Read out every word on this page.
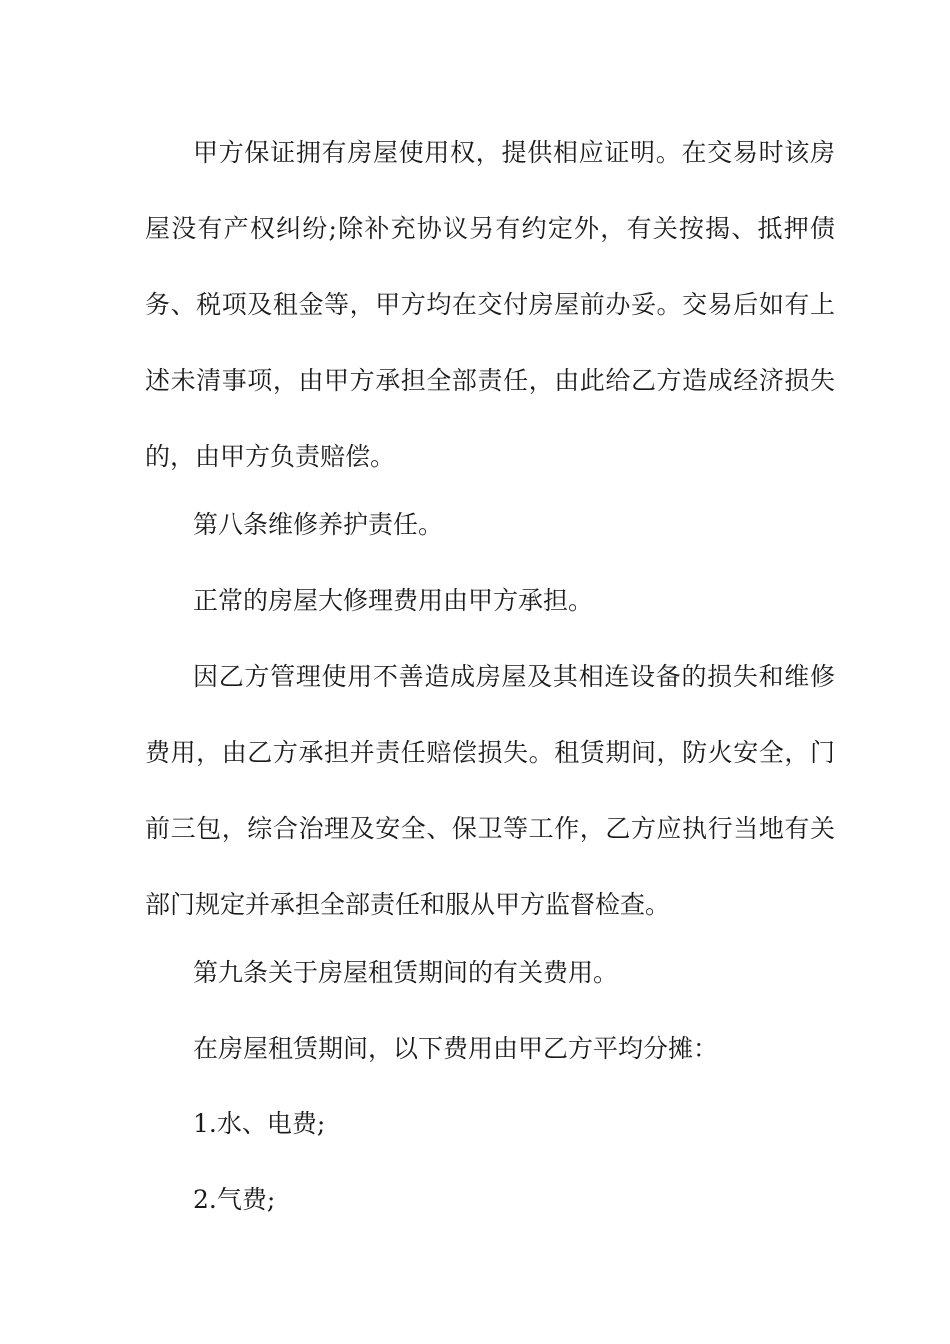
甲方保证拥有房屋使用权，提供相应证明。在交易时该房屋没有产权纠纷;除补充协议另有约定外，有关按揭、抵押债务、税项及租金等，甲方均在交付房屋前办妥。交易后如有上述未清事项，由甲方承担全部责任，由此给乙方造成经济损失的，由甲方负责赔偿。

第八条维修养护责任。

正常的房屋大修理费用由甲方承担。

因乙方管理使用不善造成房屋及其相连设备的损失和维修费用，由乙方承担并责任赔偿损失。租赁期间，防火安全，门前三包，综合治理及安全、保卫等工作，乙方应执行当地有关部门规定并承担全部责任和服从甲方监督检查。

第九条关于房屋租赁期间的有关费用。

在房屋租赁期间，以下费用由甲乙方平均分摊：

1.水、电费;

2.气费;
